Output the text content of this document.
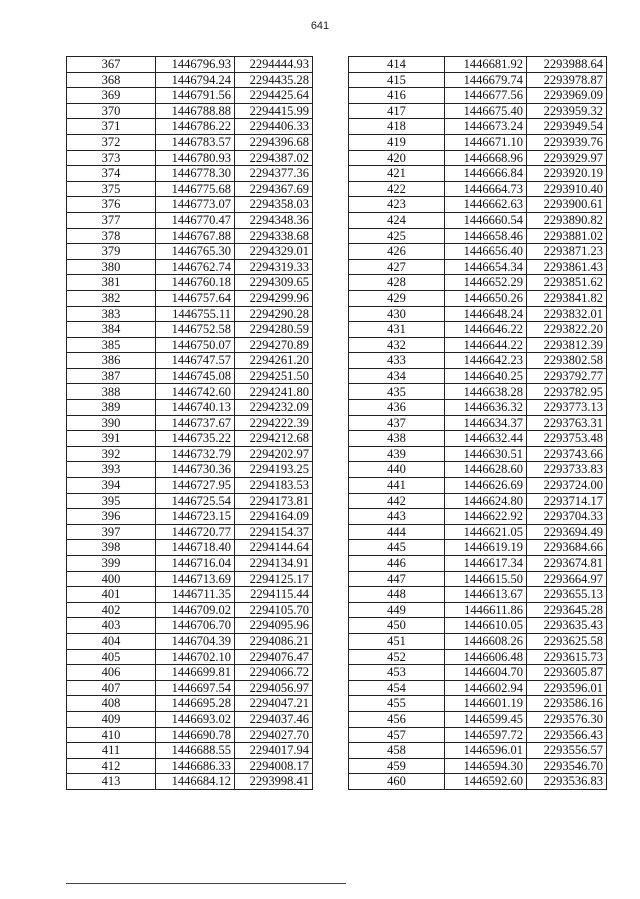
641
367	1446796.93	2294444.93
368	1446794.24	2294435.28
369	1446791.56	2294425.64
370	1446788.88	2294415.99
371	1446786.22	2294406.33
372	1446783.57	2294396.68
373	1446780.93	2294387.02
374	1446778.30	2294377.36
375	1446775.68	2294367.69
376	1446773.07	2294358.03
377	1446770.47	2294348.36
378	1446767.88	2294338.68
379	1446765.30	2294329.01
380	1446762.74	2294319.33
381	1446760.18	2294309.65
382	1446757.64	2294299.96
383	1446755.11	2294290.28
384	1446752.58	2294280.59
385	1446750.07	2294270.89
386	1446747.57	2294261.20
387	1446745.08	2294251.50
388	1446742.60	2294241.80
389	1446740.13	2294232.09
390	1446737.67	2294222.39
391	1446735.22	2294212.68
392	1446732.79	2294202.97
393	1446730.36	2294193.25
394	1446727.95	2294183.53
395	1446725.54	2294173.81
396	1446723.15	2294164.09
397	1446720.77	2294154.37
398	1446718.40	2294144.64
399	1446716.04	2294134.91
400	1446713.69	2294125.17
401	1446711.35	2294115.44
402	1446709.02	2294105.70
403	1446706.70	2294095.96
404	1446704.39	2294086.21
405	1446702.10	2294076.47
406	1446699.81	2294066.72
407	1446697.54	2294056.97
408	1446695.28	2294047.21
409	1446693.02	2294037.46
410	1446690.78	2294027.70
411	1446688.55	2294017.94
412	1446686.33	2294008.17
413	1446684.12	2293998.41
414	1446681.92	2293988.64
415	1446679.74	2293978.87
416	1446677.56	2293969.09
417	1446675.40	2293959.32
418	1446673.24	2293949.54
419	1446671.10	2293939.76
420	1446668.96	2293929.97
421	1446666.84	2293920.19
422	1446664.73	2293910.40
423	1446662.63	2293900.61
424	1446660.54	2293890.82
425	1446658.46	2293881.02
426	1446656.40	2293871.23
427	1446654.34	2293861.43
428	1446652.29	2293851.62
429	1446650.26	2293841.82
430	1446648.24	2293832.01
431	1446646.22	2293822.20
432	1446644.22	2293812.39
433	1446642.23	2293802.58
434	1446640.25	2293792.77
435	1446638.28	2293782.95
436	1446636.32	2293773.13
437	1446634.37	2293763.31
438	1446632.44	2293753.48
439	1446630.51	2293743.66
440	1446628.60	2293733.83
441	1446626.69	2293724.00
442	1446624.80	2293714.17
443	1446622.92	2293704.33
444	1446621.05	2293694.49
445	1446619.19	2293684.66
446	1446617.34	2293674.81
447	1446615.50	2293664.97
448	1446613.67	2293655.13
449	1446611.86	2293645.28
450	1446610.05	2293635.43
451	1446608.26	2293625.58
452	1446606.48	2293615.73
453	1446604.70	2293605.87
454	1446602.94	2293596.01
455	1446601.19	2293586.16
456	1446599.45	2293576.30
457	1446597.72	2293566.43
458	1446596.01	2293556.57
459	1446594.30	2293546.70
460	1446592.60	2293536.83
